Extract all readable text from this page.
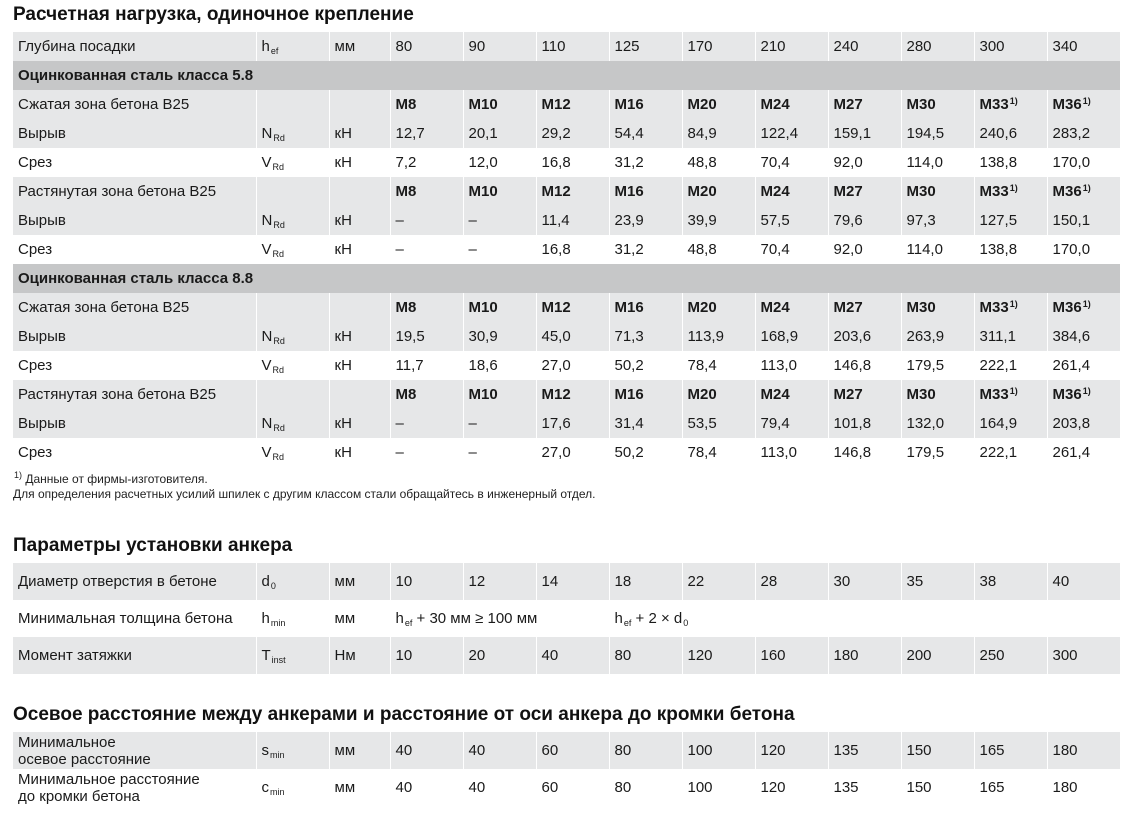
Расчетная нагрузка, одиночное крепление
Глубина посадки	$h_{ef}$	мм	80	90	110	125	170	210	240	280	300	340
Оцинкованная сталь класса 5.8												
Сжатая зона бетона B25			M8	M10	M12	M16	M20	M24	M27	M30	M33$^{1)}$	M36$^{1)}$
Вырыв	$N_{Rd}$	кН	12,7	20,1	29,2	54,4	84,9	122,4	159,1	194,5	240,6	283,2
Срез	$V_{Rd}$	кН	7,2	12,0	16,8	31,2	48,8	70,4	92,0	114,0	138,8	170,0
Растянутая зона бетона B25			M8	M10	M12	M16	M20	M24	M27	M30	M33$^{1)}$	M36$^{1)}$
Вырыв	$N_{Rd}$	кН	–	–	11,4	23,9	39,9	57,5	79,6	97,3	127,5	150,1
Срез	$V_{Rd}$	кН	–	–	16,8	31,2	48,8	70,4	92,0	114,0	138,8	170,0
Оцинкованная сталь класса 8.8												
Сжатая зона бетона B25			M8	M10	M12	M16	M20	M24	M27	M30	M33$^{1)}$	M36$^{1)}$
Вырыв	$N_{Rd}$	кН	19,5	30,9	45,0	71,3	113,9	168,9	203,6	263,9	311,1	384,6
Срез	$V_{Rd}$	кН	11,7	18,6	27,0	50,2	78,4	113,0	146,8	179,5	222,1	261,4
Растянутая зона бетона B25			M8	M10	M12	M16	M20	M24	M27	M30	M33$^{1)}$	M36$^{1)}$
Вырыв	$N_{Rd}$	кН	–	–	17,6	31,4	53,5	79,4	101,8	132,0	164,9	203,8
Срез	$V_{Rd}$	кН	–	–	27,0	50,2	78,4	113,0	146,8	179,5	222,1	261,4

$^{1)}$ Данные от фирмы-изготовителя.

Для определения расчетных усилий шпилек с другим классом стали обращайтесь в инженерный отдел.

Параметры установки анкера
Диаметр отверстия в бетоне	$d_0$	мм	10	12	14	18	22	28	30	35	38	40
Минимальная толщина бетона	$h_{min}$	мм	$h_{ef} + 30$ мм ≥ 100 мм			$h_{ef} + 2 \times d_0$
Момент затяжки	$T_{inst}$	Нм	10	20	40	80	120	160	180	200	250	300
Осевое расстояние между анкерами и расстояние от оси анкера до кромки бетона
Минимальное
осевое расстояние	$s_{min}$	мм	40	40	60	80	100	120	135	150	165	180
Минимальное расстояние
до кромки бетона	$c_{min}$	мм	40	40	60	80	100	120	135	150	165	180
